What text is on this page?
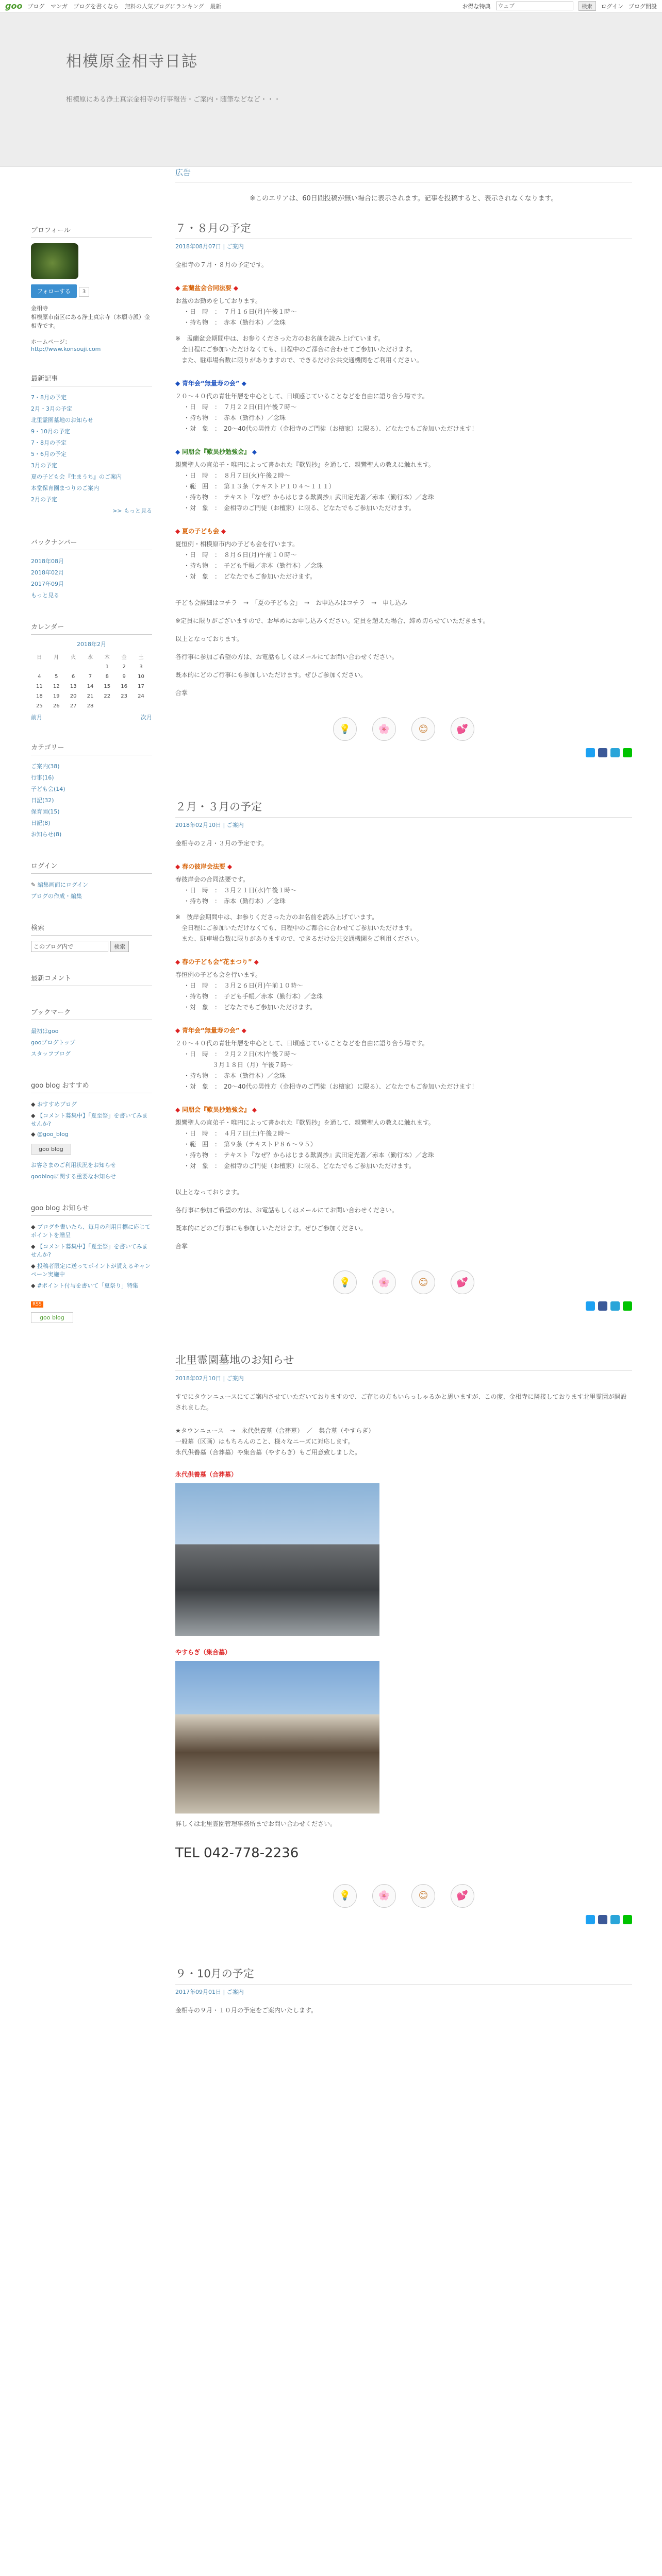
goo ブログ マンガ ブログを書くなら 無料の人気ブログにランキング 最新	お得な特典
ウェブ	検索	ログイン ブログ開設
相模原金相寺日誌

相模原にある浄土真宗金相寺の行事報告・ご案内・随筆などなど・・・

プロフィール
フォローする 3
金相寺
相模原市南区にある浄土真宗寺（本願寺派）金相寺です。
ホームページ：
http://www.konsouji.com
最新記事
7・8月の予定
2月・3月の予定
北里霊園墓地のお知らせ
9・10月の予定
7・8月の予定
5・6月の予定
3月の予定
夏の子ども会『生まうち』のご案内
本堂保育園まつりのご案内
2月の予定
>> もっと見る
バックナンバー
2018年08月
2018年02月
2017年09月
もっと見る
カレンダー
2018年2月
日	月	火	水	木	金	土
				1	2	3
4	5	6	7	8	9	10
11	12	13	14	15	16	17
18	19	20	21	22	23	24
25	26	27	28			
前月	次月
カテゴリー
ご案内(38)
行事(16)
子ども会(14)
日記(32)
保育園(15)
日記(8)
お知らせ(8)
ログイン
✎ 編集画面にログイン
ブログの作成・編集
検索
このブログ内で	検索
最新コメント
ブックマーク
最初はgoo
gooブログトップ
スタッフブログ
goo blog おすすめ
◆ おすすめブログ
◆ 【コメント募集中】「夏至祭」を書いてみませんか?
◆ @goo_blog
goo blog
お客さまのご利用状況をお知らせ
gooblogに関する重要なお知らせ
goo blog お知らせ
◆ ブログを書いたら、毎月の利用目標に応じてポイントを贈呈
◆ 【コメント募集中】「夏至祭」を書いてみませんか?
◆ 投稿者限定に送ってポイントが貰えるキャンペーン実施中
◆ #ポイント付与を書いて「夏祭り」特集
RSS
goo blog
広告
※このエリアは、60日間投稿が無い場合に表示されます。記事を投稿すると、表示されなくなります。
７・８月の予定
2018年08月07日 | ご案内

金相寺の７月・８月の予定です。

◆ 盂蘭盆会合同法要 ◆
お盆のお勤めをしております。
・日　時　：　７月１６日(月)午後１時～
・持ち物　：　赤本（勤行本）／念珠
※　盂蘭盆会期間中は、お参りくださった方のお名前を読み上げています。
　全日程にご参加いただけなくても、日程中のご都合に合わせてご参加いただけます。
　また、駐車場台数に限りがありますので、できるだけ公共交通機関をご利用ください。
◆ 青年会“無量寿の会” ◆
２０～４０代の青壮年層を中心として、日頃感じていることなどを自由に語り合う場です。
・日　時　：　７月２２日(日)午後７時～
・持ち物　：　赤本（勤行本）／念珠
・対　象　：　20～40代の男性方（金相寺のご門徒（お檀家）に限る）、どなたでもご参加いただけます！
◆ 同朋会『歎異抄勉強会』 ◆
親鸞聖人の直弟子・唯円によって書かれた『歎異抄』を通して、親鸞聖人の教えに触れます。
・日　時　：　８月７日(火)午後２時～
・範　囲　：　第１３条（テキストＰ１０４～１１１）
・持ち物　：　テキスト『なぜ？からはじまる歎異抄』武田定光著／赤本（勤行本）／念珠
・対　象　：　金相寺のご門徒（お檀家）に限る、どなたでもご参加いただけます。
◆ 夏の子ども会 ◆
夏恒例・相模原市内の子ども会を行います。
・日　時　：　８月６日(月)午前１０時～
・持ち物　：　子ども手帳／赤本（勤行本）／念珠
・対　象　：　どなたでもご参加いただけます。

子ども会詳細はコチラ　→　「夏の子ども会」　→　お申込みはコチラ　→　申し込み

※定員に限りがございますので、お早めにお申し込みください。定員を超えた場合、締め切らせていただきます。

以上となっております。

各行事に参加ご希望の方は、お電話もしくはメールにてお問い合わせください。

既本的にどのご行事にも参加しいただけます。ぜひご参加ください。

合掌

💡	🌸	😊	💕
２月・３月の予定
2018年02月10日 | ご案内

金相寺の２月・３月の予定です。

◆ 春の彼岸会法要 ◆
春彼岸会の合同法要です。
・日　時　：　３月２１日(水)午後１時～
・持ち物　：　赤本（勤行本）／念珠
※　彼岸会期間中は、お参りくださった方のお名前を読み上げています。
　全日程にご参加いただけなくても、日程中のご都合に合わせてご参加いただけます。
　また、駐車場台数に限りがありますので、できるだけ公共交通機関をご利用ください。
◆ 春の子ども会“花まつり” ◆
春恒例の子ども会を行います。
・日　時　：　３月２６日(月)午前１０時～
・持ち物　：　子ども手帳／赤本（勤行本）／念珠
・対　象　：　どなたでもご参加いただけます。
◆ 青年会“無量寿の会” ◆
２０～４０代の青壮年層を中心として、日頃感じていることなどを自由に語り合う場です。
・日　時　：　２月２２日(木)午後７時～
　　　　　　３月１８日（月）午後７時～
・持ち物　：　赤本（勤行本）／念珠
・対　象　：　20～40代の男性方（金相寺のご門徒（お檀家）に限る）、どなたでもご参加いただけます！
◆ 同朋会『歎異抄勉強会』 ◆
親鸞聖人の直弟子・唯円によって書かれた『歎異抄』を通して、親鸞聖人の教えに触れます。
・日　時　：　４月７日(土)午後２時～
・範　囲　：　第９条（テキストＰ８６～９５）
・持ち物　：　テキスト『なぜ？からはじまる歎異抄』武田定光著／赤本（勤行本）／念珠
・対　象　：　金相寺のご門徒（お檀家）に限る、どなたでもご参加いただけます。

以上となっております。

各行事に参加ご希望の方は、お電話もしくはメールにてお問い合わせください。

既本的にどのご行事にも参加しいただけます。ぜひご参加ください。

合掌

💡	🌸	😊	💕
北里霊園墓地のお知らせ
2018年02月10日 | ご案内

すでにタウンニュースにてご案内させていただいておりますので、ご存じの方もいらっしゃるかと思いますが、この度、金相寺に隣接しております北里霊園が開設されました。

★タウンニュース　→　永代供養墓（合葬墓）　／　集合墓（やすらぎ）
一般墓（区画）はもちろんのこと、様々なニーズに対応します。
永代供養墓（合葬墓）や集合墓（やすらぎ）もご用意致しました。
永代供養墓（合葬墓）
やすらぎ（集合墓）

詳しくは北里霊園管理事務所までお問い合わせください。

TEL 042-778-2236
💡	🌸	😊	💕
９・10月の予定
2017年09月01日 | ご案内

金相寺の９月・１０月の予定をご案内いたします。
